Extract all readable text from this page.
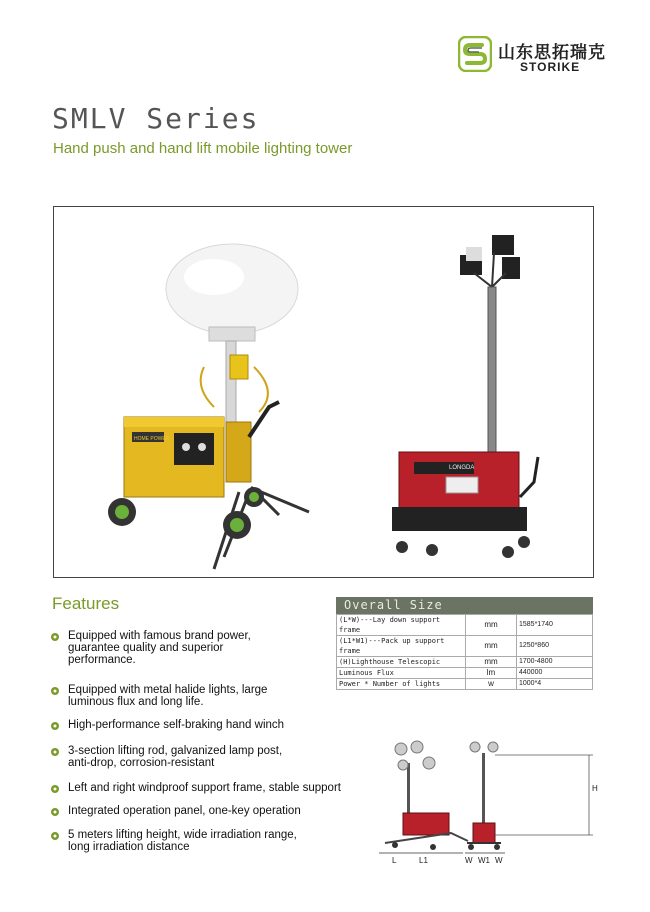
山东思拓瑞克
STORIKE
SMLV Series
Hand push and hand lift mobile lighting tower
HOME POWER
LONGDA
Features
Equipped with famous brand power,
guarantee quality and superior
performance.
Equipped with metal halide lights, large
luminous flux and long life.
High-performance self-braking hand winch
3-section lifting rod, galvanized lamp post,
anti-drop, corrosion-resistant
Left and right windproof support frame, stable support
Integrated operation panel, one-key operation
5 meters lifting height, wide irradiation range,
long irradiation distance
Overall Size
(L*W)---Lay down support frame	mm	1585*1740
(L1*W1)---Pack up support frame	mm	1250*860
(H)Lighthouse Telescopic	mm	1700-4800
Luminous Flux	lm	440000
Power * Number of lights	w	1000*4
L	L1
H
W W1 W
